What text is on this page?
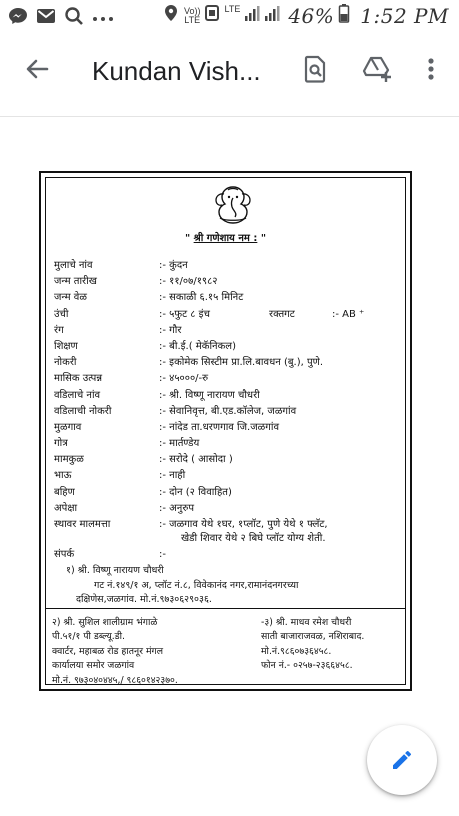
Vo))
LTE
LTE 46% 1:52 PM
Kundan Vish...
" श्री गणेशाय नम : "
मुलाचे नांव	:- कुंदन
जन्म तारीख	:- ११/०७/१९८२
जन्म वेळ	:- सकाळी ६.१५ मिनिट
उंची	:- ५फुट ८ इंच	रक्तगट	:- AB ⁺
रंग	:- गौर
शिक्षण	:- बी.ई.( मेकॅनिकल)
नोकरी	:- इकोमेक सिस्टीम प्रा.लि.बावधन (बु.), पुणे.
मासिक उत्पन्न	:- ४५०००/-रु
वडिलाचे नांव	:- श्री. विष्णू नारायण चौधरी
वडिलाची नोकरी	:- सेवानिवृत्त, बी.एड.कॉलेज, जळगांव
मुळगाव	:- नांदेड ता.धरणगाव जि.जळगांव
गोत्र	:- मार्तण्डेय
मामकुळ	:- सरोदे ( आसोदा )
भाऊ	:- नाही
बहिण	:- दोन (२ विवाहित)
अपेक्षा	:- अनुरुप
स्थावर मालमत्ता	:- जळगाव येथे १घर, १प्लॉट, पुणे येथे १ फ्लॅट,
खेडी शिवार येथे २ बिघे प्लॉट योग्य शेती.
संपर्क	:-
१) श्री. विष्णू नारायण चौधरी

गट नं.१४९/१ अ, प्लॉट नं.८, विवेकानंद नगर,रामानंदनगरच्या
दक्षिणेस,जळगांव. मो.नं.९७३०६२९०३६.
२) श्री. सुशिल शालीग्राम भंगाळे
पी.५१/१ पी डब्ल्यू.डी.
क्वार्टर, महाबळ रोड हातनूर मंगल
कार्यालया समोर जळगांव
मो.नं. ९७३०४०४४५,/ ९८६०१४२३७०.
-३) श्री. माधव रमेश चौधरी
साती बाजाराजवळ, नशिराबाद.
मो.नं.९८६०७३६४५८.
फोन नं.- ०२५७-२३६६४५८.
